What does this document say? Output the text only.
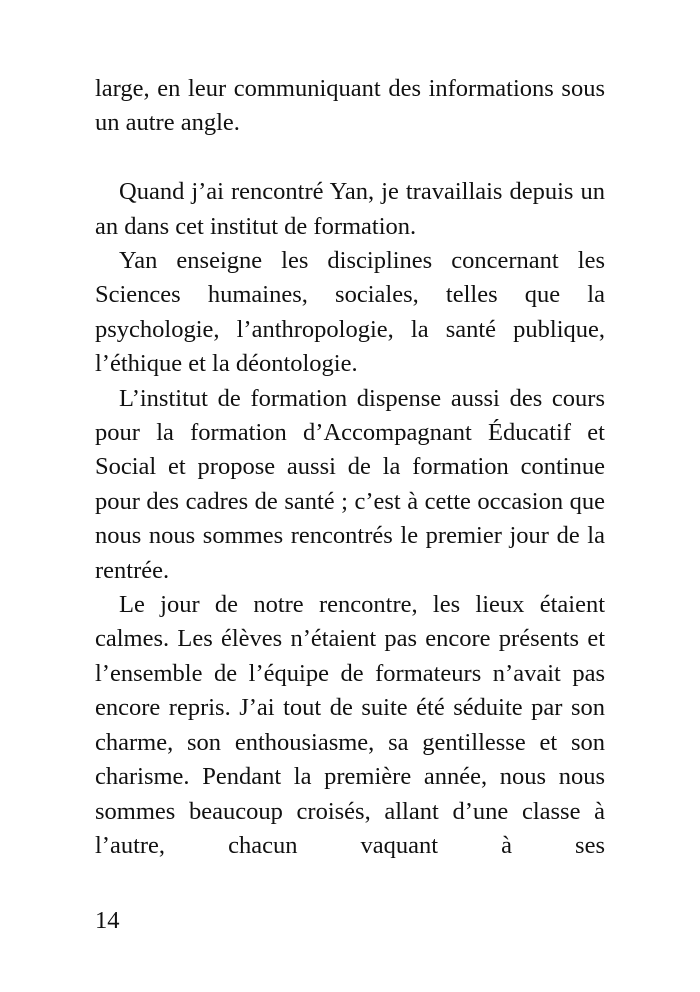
large, en leur communiquant des informations sous un autre angle.

Quand j’ai rencontré Yan, je travaillais depuis un an dans cet institut de formation.

Yan enseigne les disciplines concernant les Sciences humaines, sociales, telles que la psychologie, l’anthropologie, la santé publique, l’éthique et la déontologie.

L’institut de formation dispense aussi des cours pour la formation d’Accompagnant Éducatif et Social et propose aussi de la formation continue pour des cadres de santé ; c’est à cette occasion que nous nous sommes rencontrés le premier jour de la rentrée.

Le jour de notre rencontre, les lieux étaient calmes. Les élèves n’étaient pas encore présents et l’ensemble de l’équipe de formateurs n’avait pas encore repris. J’ai tout de suite été séduite par son charme, son enthousiasme, sa gentillesse et son charisme. Pendant la première année, nous nous sommes beaucoup croisés, allant d’une classe à l’autre, chacun vaquant à ses

14
